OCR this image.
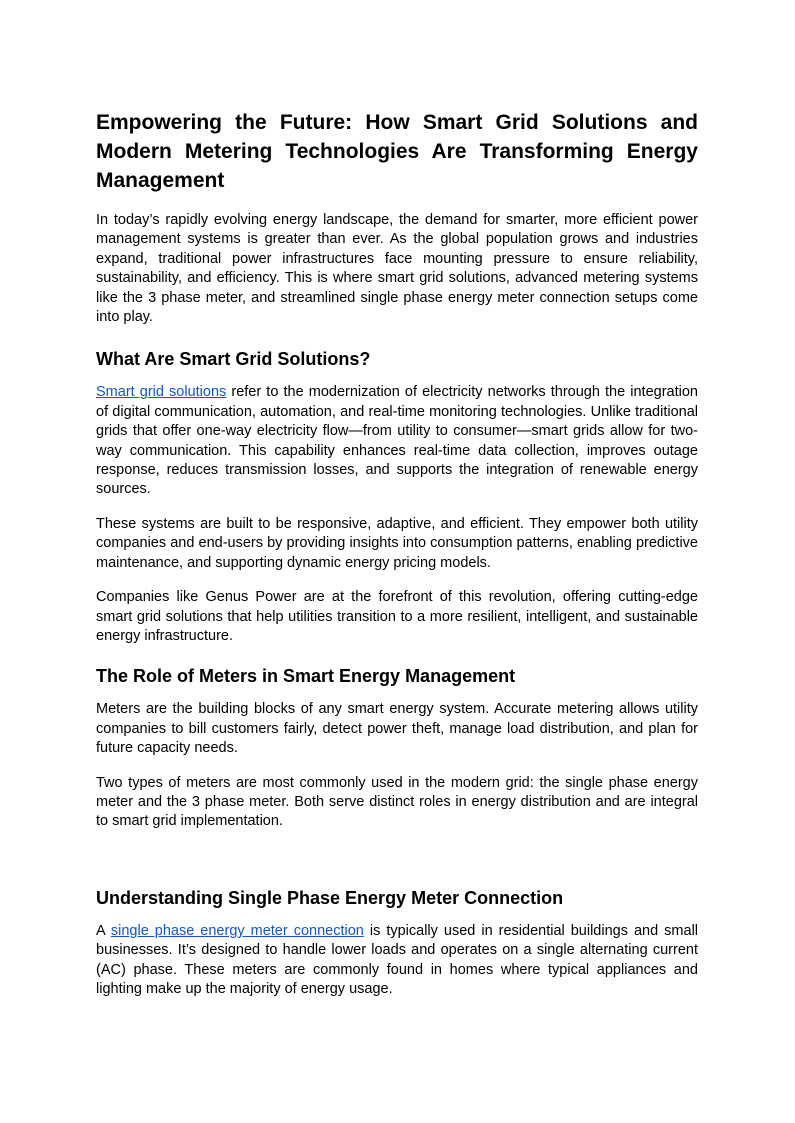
Empowering the Future: How Smart Grid Solutions and Modern Metering Technologies Are Transforming Energy Management

In today’s rapidly evolving energy landscape, the demand for smarter, more efficient power management systems is greater than ever. As the global population grows and industries expand, traditional power infrastructures face mounting pressure to ensure reliability, sustainability, and efficiency. This is where smart grid solutions, advanced metering systems like the 3 phase meter, and streamlined single phase energy meter connection setups come into play.

What Are Smart Grid Solutions?

Smart grid solutions refer to the modernization of electricity networks through the integration of digital communication, automation, and real-time monitoring technologies. Unlike traditional grids that offer one-way electricity flow—from utility to consumer—smart grids allow for two-way communication. This capability enhances real-time data collection, improves outage response, reduces transmission losses, and supports the integration of renewable energy sources.

These systems are built to be responsive, adaptive, and efficient. They empower both utility companies and end-users by providing insights into consumption patterns, enabling predictive maintenance, and supporting dynamic energy pricing models.

Companies like Genus Power are at the forefront of this revolution, offering cutting-edge smart grid solutions that help utilities transition to a more resilient, intelligent, and sustainable energy infrastructure.

The Role of Meters in Smart Energy Management

Meters are the building blocks of any smart energy system. Accurate metering allows utility companies to bill customers fairly, detect power theft, manage load distribution, and plan for future capacity needs.

Two types of meters are most commonly used in the modern grid: the single phase energy meter and the 3 phase meter. Both serve distinct roles in energy distribution and are integral to smart grid implementation.

Understanding Single Phase Energy Meter Connection

A single phase energy meter connection is typically used in residential buildings and small businesses. It’s designed to handle lower loads and operates on a single alternating current (AC) phase. These meters are commonly found in homes where typical appliances and lighting make up the majority of energy usage.
